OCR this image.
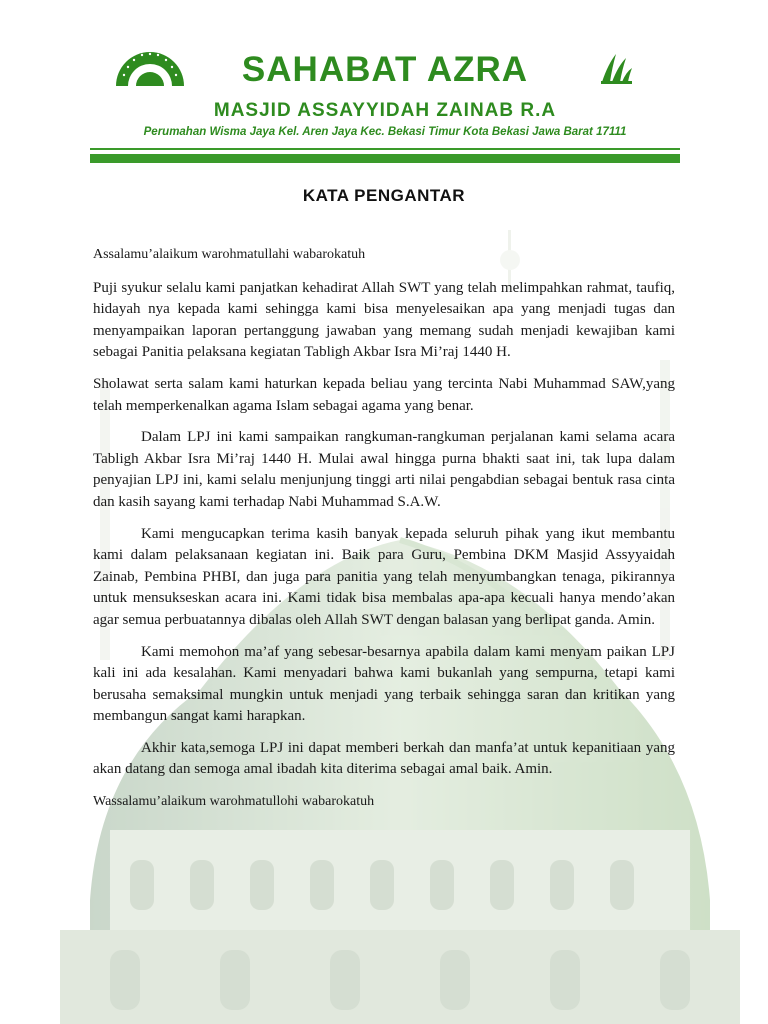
SAHABAT AZRA
MASJID ASSAYYIDAH ZAINAB R.A
Perumahan Wisma Jaya Kel. Aren Jaya Kec. Bekasi Timur Kota Bekasi Jawa Barat 17111
KATA PENGANTAR

Assalamu’alaikum warohmatullahi wabarokatuh

Puji syukur selalu kami panjatkan kehadirat Allah SWT yang telah melimpahkan rahmat, taufiq, hidayah nya kepada kami sehingga kami bisa menyelesaikan apa yang menjadi tugas dan menyampaikan laporan pertanggung jawaban yang memang sudah menjadi kewajiban kami sebagai Panitia pelaksana kegiatan Tabligh Akbar Isra Mi’raj 1440 H.

Sholawat serta salam kami haturkan kepada beliau yang tercinta Nabi Muhammad SAW,yang telah memperkenalkan agama Islam sebagai agama yang benar.

Dalam LPJ ini kami sampaikan rangkuman-rangkuman perjalanan kami selama acara Tabligh Akbar Isra Mi’raj 1440 H. Mulai awal hingga purna bhakti saat ini, tak lupa dalam penyajian LPJ ini, kami selalu menjunjung tinggi arti nilai pengabdian sebagai bentuk rasa cinta dan kasih sayang kami terhadap Nabi Muhammad S.A.W.

Kami mengucapkan terima kasih banyak kepada seluruh pihak yang ikut membantu kami dalam pelaksanaan kegiatan ini. Baik para Guru, Pembina DKM Masjid Assyyaidah Zainab, Pembina PHBI, dan juga para panitia yang telah menyumbangkan tenaga, pikirannya untuk mensukseskan acara ini. Kami tidak bisa membalas apa-apa kecuali hanya mendo’akan agar semua perbuatannya dibalas oleh Allah SWT dengan balasan yang berlipat ganda. Amin.

Kami memohon ma’af yang sebesar-besarnya apabila dalam kami menyam paikan LPJ kali ini ada kesalahan. Kami menyadari bahwa kami bukanlah yang sempurna, tetapi kami berusaha semaksimal mungkin untuk menjadi yang terbaik sehingga saran dan kritikan yang membangun sangat kami harapkan.

Akhir kata,semoga LPJ ini dapat memberi berkah dan manfa’at untuk kepanitiaan yang akan datang dan semoga amal ibadah kita diterima sebagai amal baik. Amin.

Wassalamu’alaikum warohmatullohi wabarokatuh
